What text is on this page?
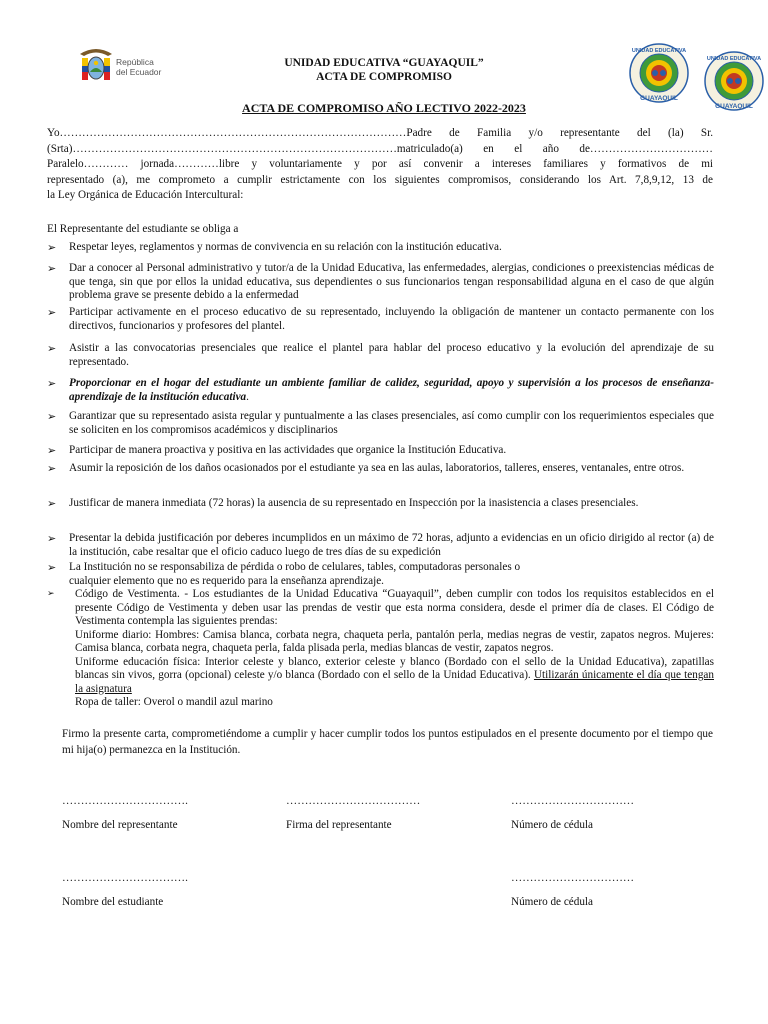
República
del Ecuador
UNIDAD EDUCATIVA
GUAYAQUIL
UNIDAD EDUCATIVA
GUAYAQUIL
UNIDAD EDUCATIVA “GUAYAQUIL”
ACTA DE COMPROMISO
ACTA DE COMPROMISO AÑO LECTIVO 2022-2023
Yo…………………………………………………………………………………Padre de Familia y/o representante del (la) Sr.
(Srta)……………………………………………………………………………matriculado(a) en el año de……………………………
Paralelo………… jornada…………libre y voluntariamente y por así convenir a intereses familiares y formativos de mi
representado (a), me comprometo a cumplir estrictamente con los siguientes compromisos, considerando los Art. 7,8,9,12, 13 de
la Ley Orgánica de Educación Intercultural:
El Representante del estudiante se obliga a
➢	Respetar leyes, reglamentos y normas de convivencia en su relación con la institución educativa.
➢	Dar a conocer al Personal administrativo y tutor/a de la Unidad Educativa, las enfermedades, alergias, condiciones o preexistencias médicas de que tenga, sin que por ellos la unidad educativa, sus dependientes o sus funcionarios tengan responsabilidad alguna en el caso de que algún problema grave se presente debido a la enfermedad
➢	Participar activamente en el proceso educativo de su representado, incluyendo la obligación de mantener un contacto permanente con los directivos, funcionarios y profesores del plantel.
➢	Asistir a las convocatorias presenciales que realice el plantel para hablar del proceso educativo y la evolución del aprendizaje de su representado.
➢	Proporcionar en el hogar del estudiante un ambiente familiar de calidez, seguridad, apoyo y supervisión a los procesos de enseñanza- aprendizaje de la institución educativa.
➢	Garantizar que su representado asista regular y puntualmente a las clases presenciales, así como cumplir con los requerimientos especiales que se soliciten en los compromisos académicos y disciplinarios
➢	Participar de manera proactiva y positiva en las actividades que organice la Institución Educativa.
➢	Asumir la reposición de los daños ocasionados por el estudiante ya sea en las aulas, laboratorios, talleres, enseres, ventanales, entre otros.
➢	Justificar de manera inmediata (72 horas) la ausencia de su representado en Inspección por la inasistencia a clases presenciales.
➢	Presentar la debida justificación por deberes incumplidos en un máximo de 72 horas, adjunto a evidencias en un oficio dirigido al rector (a) de la institución, cabe resaltar que el oficio caduco luego de tres días de su expedición
➢	La Institución no se responsabiliza de pérdida o robo de celulares, tables, computadoras personales o cualquier elemento que no es requerido para la enseñanza aprendizaje.
➢	Código de Vestimenta. - Los estudiantes de la Unidad Educativa “Guayaquil”, deben cumplir con todos los requisitos establecidos en el presente Código de Vestimenta y deben usar las prendas de vestir que esta norma considera, desde el primer día de clases. El Código de Vestimenta contempla las siguientes prendas:
Uniforme diario: Hombres: Camisa blanca, corbata negra, chaqueta perla, pantalón perla, medias negras de vestir, zapatos negros. Mujeres: Camisa blanca, corbata negra, chaqueta perla, falda plisada perla, medias blancas de vestir, zapatos negros.
Uniforme educación física: Interior celeste y blanco, exterior celeste y blanco (Bordado con el sello de la Unidad Educativa), zapatillas blancas sin vivos, gorra (opcional) celeste y/o blanca (Bordado con el sello de la Unidad Educativa). Utilizarán únicamente el día que tengan la asignatura
Ropa de taller: Overol o mandil azul marino
Firmo la presente carta, comprometiéndome a cumplir y hacer cumplir todos los puntos estipulados en el presente documento por el tiempo que mi hija(o) permanezca en la Institución.
…………………………….	………………………………	……………………………
Nombre del representante	Firma del representante	Número de cédula
…………………………….	……………………………
Nombre del estudiante	Número de cédula
